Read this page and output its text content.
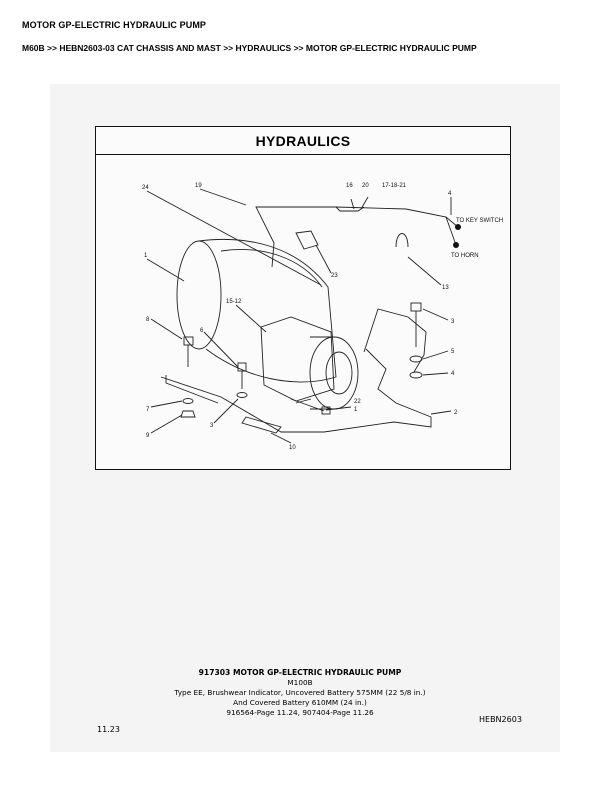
MOTOR GP-ELECTRIC HYDRAULIC PUMP
M60B >> HEBN2603-03 CAT CHASSIS AND MAST >> HYDRAULICS >> MOTOR GP-ELECTRIC HYDRAULIC PUMP
HYDRAULICS
24	19	16 20 17-18-21
4
TO KEY SWITCH
TO HORN
1
23
13
15-12
8	3
6
5
4
22
1
7	2
9
10
3
917303 MOTOR GP-ELECTRIC HYDRAULIC PUMP
M100B
Type EE, Brushwear Indicator, Uncovered Battery 575MM (22 5/8 in.)
And Covered Battery 610MM (24 in.)
916564-Page 11.24, 907404-Page 11.26
11.23
HEBN2603
